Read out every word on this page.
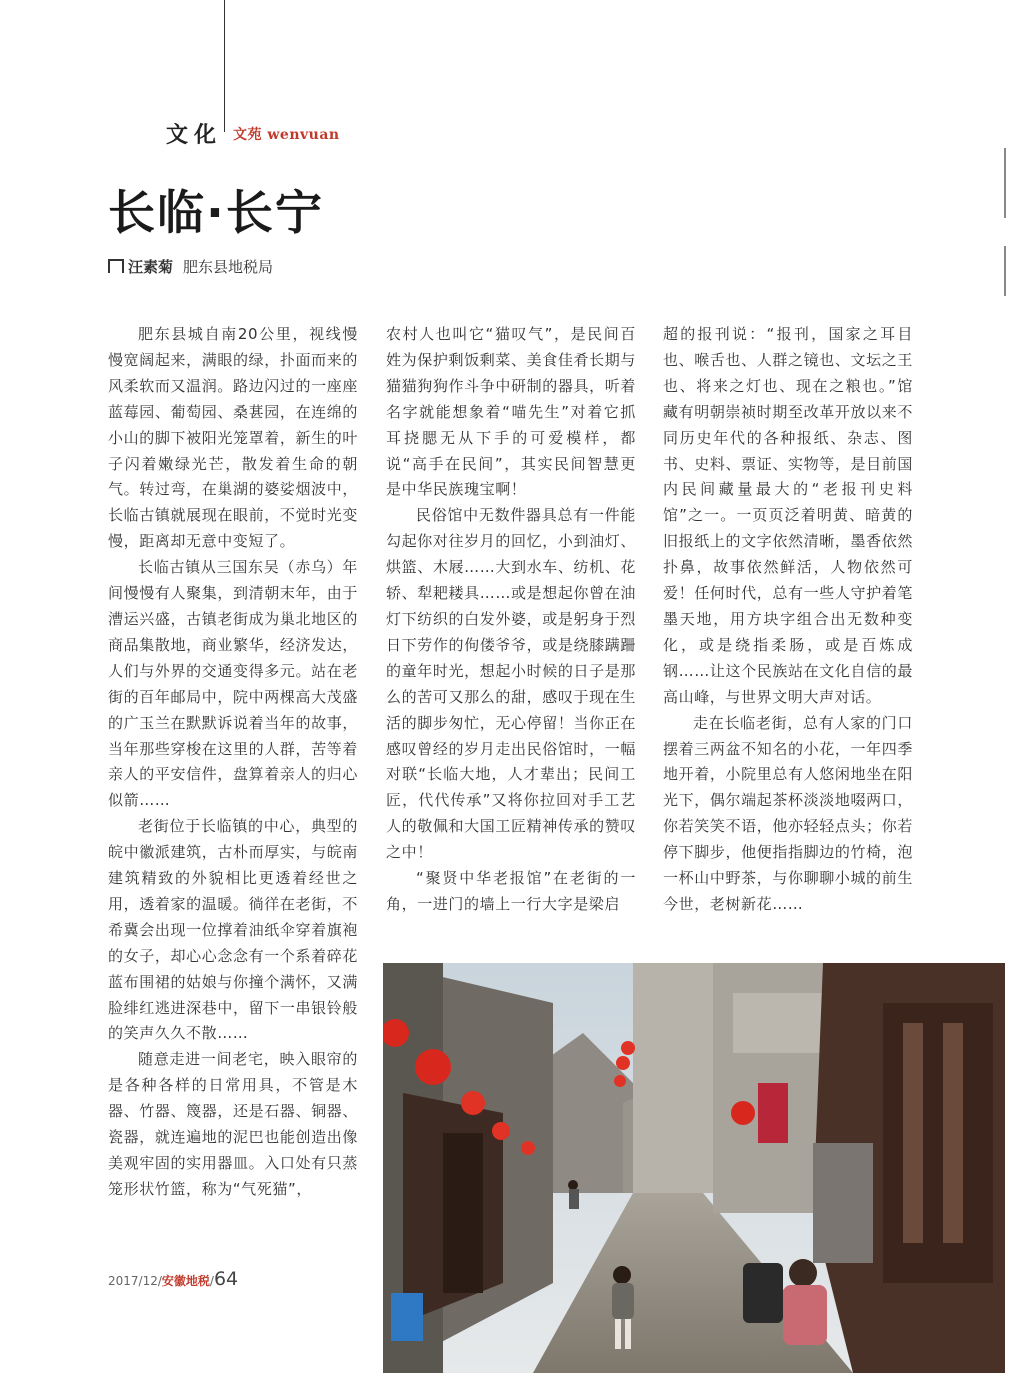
文化 文苑 wenvuan
长临·长宁
汪素菊 肥东县地税局

肥东县城自南20公里，视线慢慢宽阔起来，满眼的绿，扑面而来的风柔软而又温润。路边闪过的一座座蓝莓园、葡萄园、桑葚园，在连绵的小山的脚下被阳光笼罩着，新生的叶子闪着嫩绿光芒，散发着生命的朝气。转过弯，在巢湖的婆娑烟波中，长临古镇就展现在眼前，不觉时光变慢，距离却无意中变短了。

长临古镇从三国东吴（赤乌）年间慢慢有人聚集，到清朝末年，由于漕运兴盛，古镇老街成为巢北地区的商品集散地，商业繁华，经济发达，人们与外界的交通变得多元。站在老街的百年邮局中，院中两棵高大茂盛的广玉兰在默默诉说着当年的故事，当年那些穿梭在这里的人群，苦等着亲人的平安信件，盘算着亲人的归心似箭……

老街位于长临镇的中心，典型的皖中徽派建筑，古朴而厚实，与皖南建筑精致的外貌相比更透着经世之用，透着家的温暖。徜徉在老街，不希冀会出现一位撑着油纸伞穿着旗袍的女子，却心心念念有一个系着碎花蓝布围裙的姑娘与你撞个满怀，又满脸绯红逃进深巷中，留下一串银铃般的笑声久久不散……

随意走进一间老宅，映入眼帘的是各种各样的日常用具，不管是木器、竹器、篾器，还是石器、铜器、瓷器，就连遍地的泥巴也能创造出像美观牢固的实用器皿。入口处有只蒸笼形状竹篮，称为“气死猫”，

农村人也叫它“猫叹气”，是民间百姓为保护剩饭剩菜、美食佳肴长期与猫猫狗狗作斗争中研制的器具，听着名字就能想象着“喵先生”对着它抓耳挠腮无从下手的可爱模样，都说“高手在民间”，其实民间智慧更是中华民族瑰宝啊！

民俗馆中无数件器具总有一件能勾起你对往岁月的回忆，小到油灯、烘篮、木屐……大到水车、纺机、花轿、犁耙耧具……或是想起你曾在油灯下纺织的白发外婆，或是躬身于烈日下劳作的佝偻爷爷，或是绕膝蹒跚的童年时光，想起小时候的日子是那么的苦可又那么的甜，感叹于现在生活的脚步匆忙，无心停留！当你正在感叹曾经的岁月走出民俗馆时，一幅对联“长临大地，人才辈出；民间工匠，代代传承”又将你拉回对手工艺人的敬佩和大国工匠精神传承的赞叹之中！

“聚贤中华老报馆”在老街的一角，一进门的墙上一行大字是梁启

超的报刊说：“报刊，国家之耳目也、喉舌也、人群之镜也、文坛之王也、将来之灯也、现在之粮也。”馆藏有明朝崇祯时期至改革开放以来不同历史年代的各种报纸、杂志、图书、史料、票证、实物等，是目前国内民间藏量最大的“老报刊史料馆”之一。一页页泛着明黄、暗黄的旧报纸上的文字依然清晰，墨香依然扑鼻，故事依然鲜活，人物依然可爱！任何时代，总有一些人守护着笔墨天地，用方块字组合出无数种变化，或是绕指柔肠，或是百炼成钢……让这个民族站在文化自信的最高山峰，与世界文明大声对话。

走在长临老街，总有人家的门口摆着三两盆不知名的小花，一年四季地开着，小院里总有人悠闲地坐在阳光下，偶尔端起茶杯淡淡地啜两口，你若笑笑不语，他亦轻轻点头；你若停下脚步，他便指指脚边的竹椅，泡一杯山中野茶，与你聊聊小城的前生今世，老树新花……

2017/12/安徽地税/64
